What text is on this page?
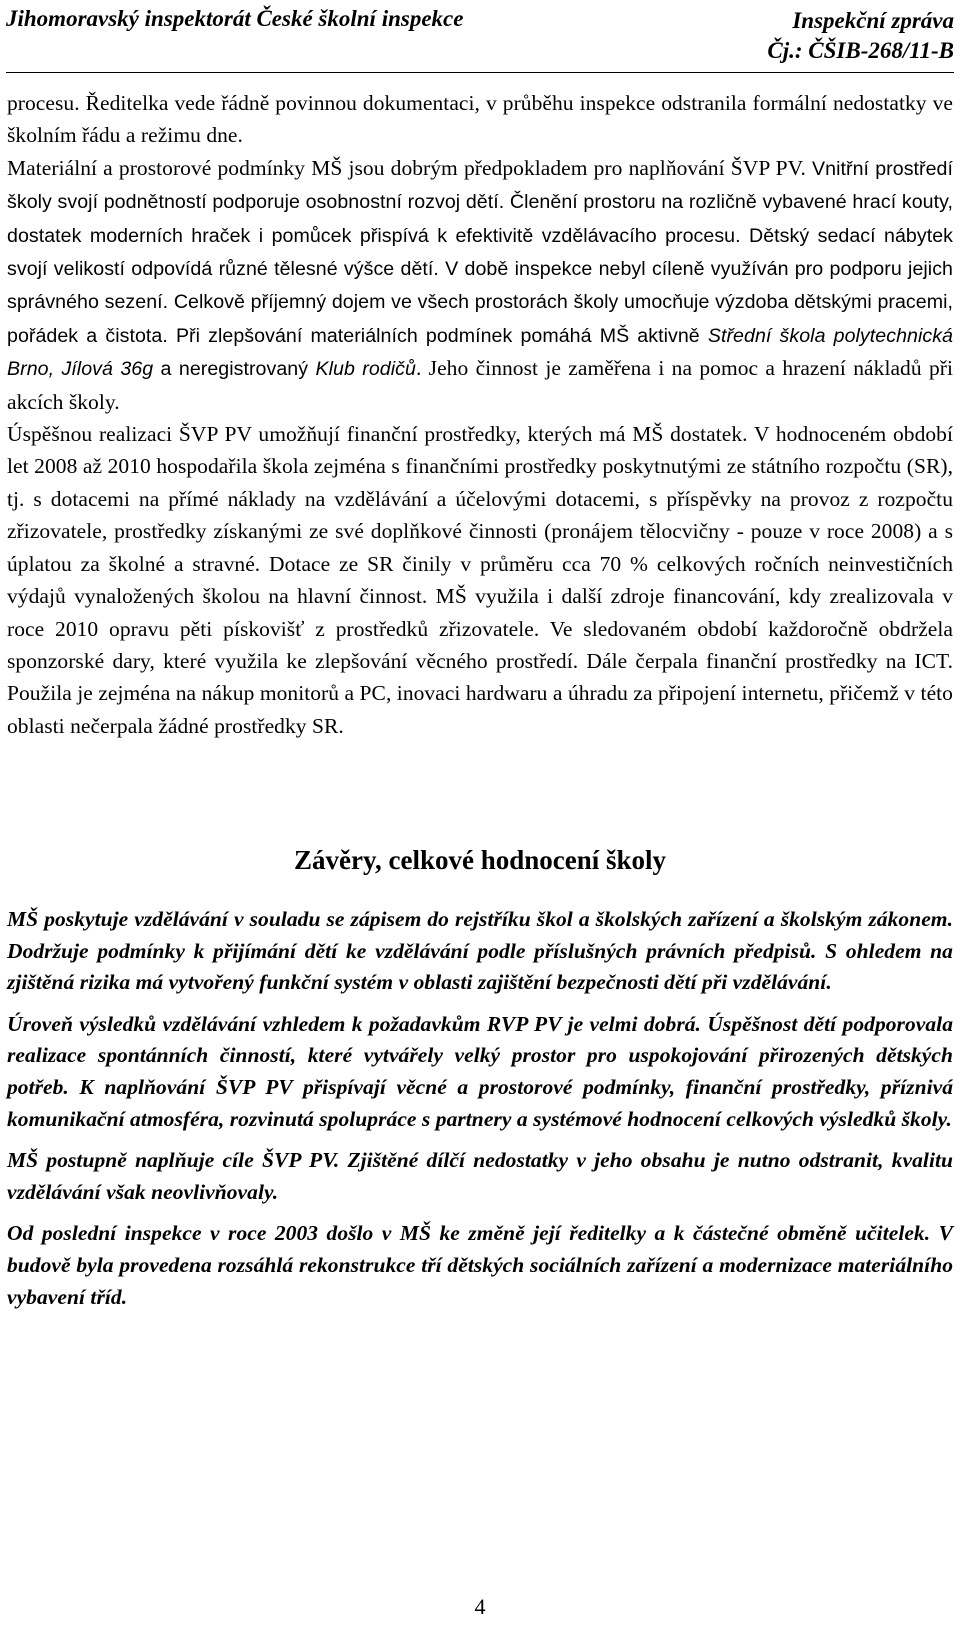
Jihomoravský inspektorát České školní inspekce	Inspekční zpráva
Čj.: ČŠIB-268/11-B

procesu. Ředitelka vede řádně povinnou dokumentaci, v průběhu inspekce odstranila formální nedostatky ve školním řádu a režimu dne.

Materiální a prostorové podmínky MŠ jsou dobrým předpokladem pro naplňování ŠVP PV. Vnitřní prostředí školy svojí podnětností podporuje osobnostní rozvoj dětí. Členění prostoru na rozličně vybavené hrací kouty, dostatek moderních hraček i pomůcek přispívá k efektivitě vzdělávacího procesu. Dětský sedací nábytek svojí velikostí odpovídá různé tělesné výšce dětí. V době inspekce nebyl cíleně využíván pro podporu jejich správného sezení. Celkově příjemný dojem ve všech prostorách školy umocňuje výzdoba dětskými pracemi, pořádek a čistota. Při zlepšování materiálních podmínek pomáhá MŠ aktivně Střední škola polytechnická Brno, Jílová 36g a neregistrovaný Klub rodičů. Jeho činnost je zaměřena i na pomoc a hrazení nákladů při akcích školy.

Úspěšnou realizaci ŠVP PV umožňují finanční prostředky, kterých má MŠ dostatek. V hodnoceném období let 2008 až 2010 hospodařila škola zejména s finančními prostředky poskytnutými ze státního rozpočtu (SR), tj. s dotacemi na přímé náklady na vzdělávání a účelovými dotacemi, s příspěvky na provoz z rozpočtu zřizovatele, prostředky získanými ze své doplňkové činnosti (pronájem tělocvičny - pouze v roce 2008) a s úplatou za školné a stravné. Dotace ze SR činily v průměru cca 70 % celkových ročních neinvestičních výdajů vynaložených školou na hlavní činnost. MŠ využila i další zdroje financování, kdy zrealizovala v roce 2010 opravu pěti pískovišť z prostředků zřizovatele. Ve sledovaném období každoročně obdržela sponzorské dary, které využila ke zlepšování věcného prostředí. Dále čerpala finanční prostředky na ICT. Použila je zejména na nákup monitorů a PC, inovaci hardwaru a úhradu za připojení internetu, přičemž v této oblasti nečerpala žádné prostředky SR.

Závěry, celkové hodnocení školy

MŠ poskytuje vzdělávání v souladu se zápisem do rejstříku škol a školských zařízení a školským zákonem. Dodržuje podmínky k přijímání dětí ke vzdělávání podle příslušných právních předpisů. S ohledem na zjištěná rizika má vytvořený funkční systém v oblasti zajištění bezpečnosti dětí při vzdělávání.

Úroveň výsledků vzdělávání vzhledem k požadavkům RVP PV je velmi dobrá. Úspěšnost dětí podporovala realizace spontánních činností, které vytvářely velký prostor pro uspokojování přirozených dětských potřeb. K naplňování ŠVP PV přispívají věcné a prostorové podmínky, finanční prostředky, příznivá komunikační atmosféra, rozvinutá spolupráce s partnery a systémové hodnocení celkových výsledků školy.

MŠ postupně naplňuje cíle ŠVP PV. Zjištěné dílčí nedostatky v jeho obsahu je nutno odstranit, kvalitu vzdělávání však neovlivňovaly.

Od poslední inspekce v roce 2003 došlo v MŠ ke změně její ředitelky a k částečné obměně učitelek. V budově byla provedena rozsáhlá rekonstrukce tří dětských sociálních zařízení a modernizace materiálního vybavení tříd.

4
